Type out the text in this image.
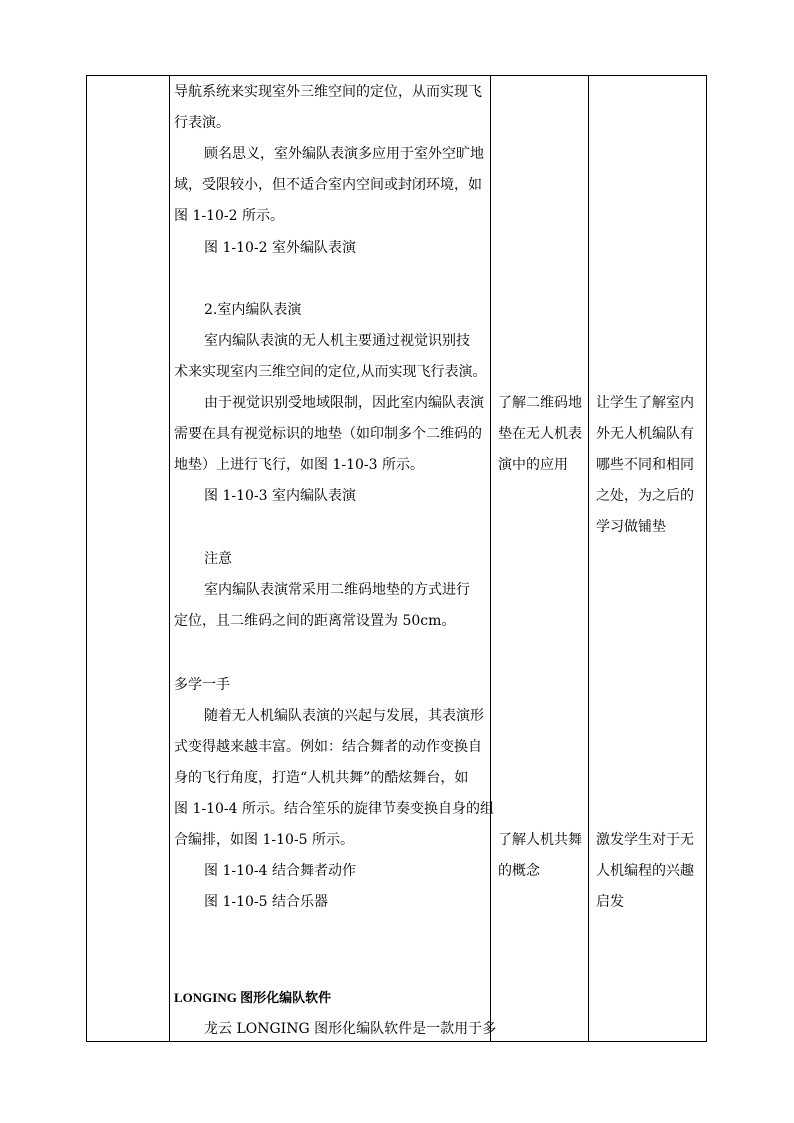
导航系统来实现室外三维空间的定位，从而实现飞
行表演。
顾名思义，室外编队表演多应用于室外空旷地
域，受限较小，但不适合室内空间或封闭环境，如
图 1-10-2 所示。
图 1-10-2 室外编队表演
2.室内编队表演
室内编队表演的无人机主要通过视觉识别技
术来实现室内三维空间的定位,从而实现飞行表演。
由于视觉识别受地域限制，因此室内编队表演
需要在具有视觉标识的地垫（如印制多个二维码的
地垫）上进行飞行，如图 1-10-3 所示。
图 1-10-3 室内编队表演
注意
室内编队表演常采用二维码地垫的方式进行
定位，且二维码之间的距离常设置为 50cm。
多学一手
随着无人机编队表演的兴起与发展，其表演形
式变得越来越丰富。例如：结合舞者的动作变换自
身的飞行角度，打造“人机共舞”的酷炫舞台，如
图 1-10-4 所示。结合笙乐的旋律节奏变换自身的组
合编排，如图 1-10-5 所示。
图 1-10-4 结合舞者动作
图 1-10-5 结合乐器
LONGING 图形化编队软件
龙云 LONGING 图形化编队软件是一款用于多
了解二维码地
垫在无人机表
演中的应用
了解人机共舞
的概念
让学生了解室内
外无人机编队有
哪些不同和相同
之处，为之后的
学习做铺垫
激发学生对于无
人机编程的兴趣
启发
